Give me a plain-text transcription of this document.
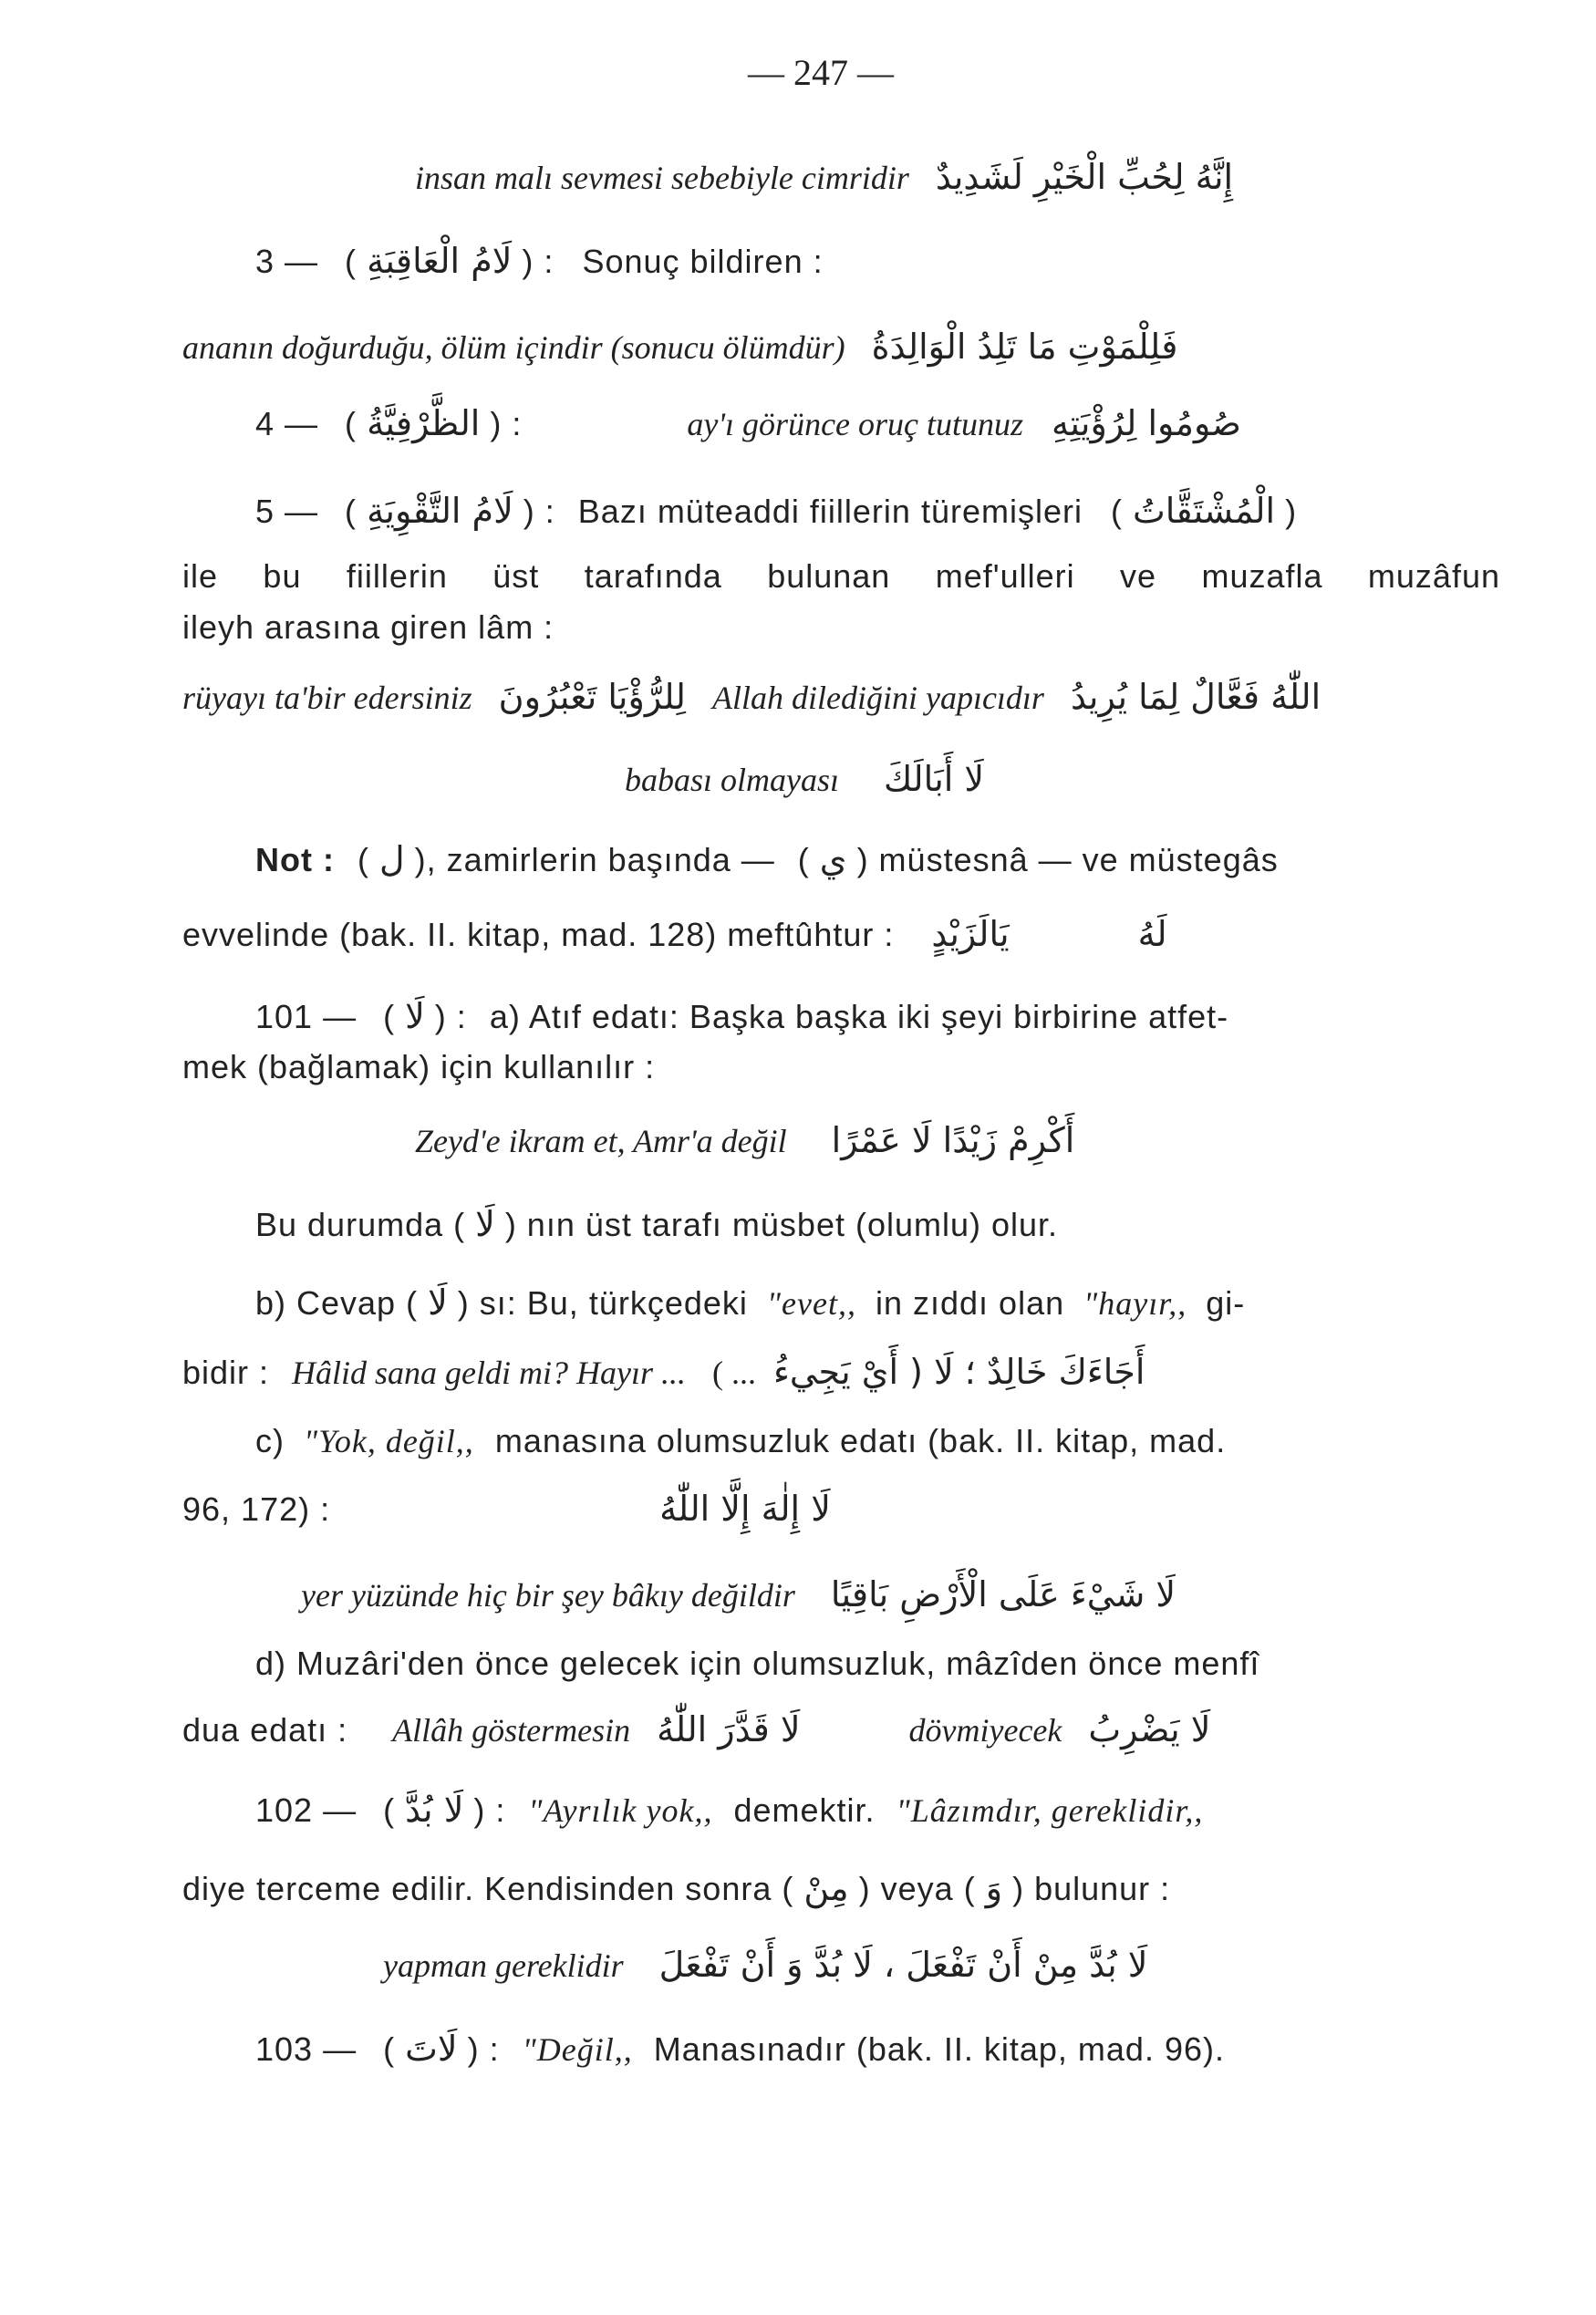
— 247 —
insan malı sevmesi sebebiyle cimridir إِنَّهُ لِحُبِّ الْخَيْرِ لَشَدِيدٌ
3 — ( لَامُ الْعَاقِبَةِ ) : Sonuç bildiren :
ananın doğurduğu, ölüm içindir (sonucu ölümdür) فَلِلْمَوْتِ مَا تَلِدُ الْوَالِدَةُ
4 — ( الظَّرْفِيَّةُ ) :	ay'ı görünce oruç tutunuz صُومُوا لِرُؤْيَتِهِ
5 — ( لَامُ التَّقْوِيَةِ ) : Bazı müteaddi fiillerin türemişleri ( الْمُشْتَقَّاتُ )
ile bu fiillerin üst tarafında bulunan mef'ulleri ve muzafla muzâfun
ileyh arasına giren lâm :
rüyayı ta'bir edersiniz لِلرُّؤْيَا تَعْبُرُونَ Allah dilediğini yapıcıdır اللّٰهُ فَعَّالٌ لِمَا يُرِيدُ
babası olmayası لَا أَبَالَكَ
Not : ( ل ), zamirlerin başında — ( ي ) müstesnâ — ve müstegâs
evvelinde (bak. II. kitap, mad. 128) meftûhtur : يَالَزَيْدٍ	لَهُ
101 — ( لَا ) : a) Atıf edatı: Başka başka iki şeyi birbirine atfet-
mek (bağlamak) için kullanılır :
Zeyd'e ikram et, Amr'a değil أَكْرِمْ زَيْدًا لَا عَمْرًا
Bu durumda ( لَا ) nın üst tarafı müsbet (olumlu) olur.
b) Cevap ( لَا ) sı: Bu, türkçedeki "evet,, in zıddı olan "hayır,, gi-
bidir : Hâlid sana geldi mi? Hayır ... ( ... أَجَاءَكَ خَالِدٌ ؛ لَا ( أَيْ يَجِيءُ
c) "Yok, değil,, manasına olumsuzluk edatı (bak. II. kitap, mad.
96, 172) :	لَا إِلٰهَ إِلَّا اللّٰهُ
yer yüzünde hiç bir şey bâkıy değildir لَا شَيْءَ عَلَى الْأَرْضِ بَاقِيًا
d) Muzâri'den önce gelecek için olumsuzluk, mâzîden önce menfî
dua edatı : Allâh göstermesin لَا قَدَّرَ اللّٰهُ	dövmiyecek لَا يَضْرِبُ
102 — ( لَا بُدَّ ) : "Ayrılık yok,, demektir. "Lâzımdır, gereklidir,,
diye terceme edilir. Kendisinden sonra ( مِنْ ) veya ( وَ ) bulunur :
yapman gereklidir لَا بُدَّ مِنْ أَنْ تَفْعَلَ ، لَا بُدَّ وَ أَنْ تَفْعَلَ
103 — ( لَاتَ ) : "Değil,, Manasınadır (bak. II. kitap, mad. 96).
